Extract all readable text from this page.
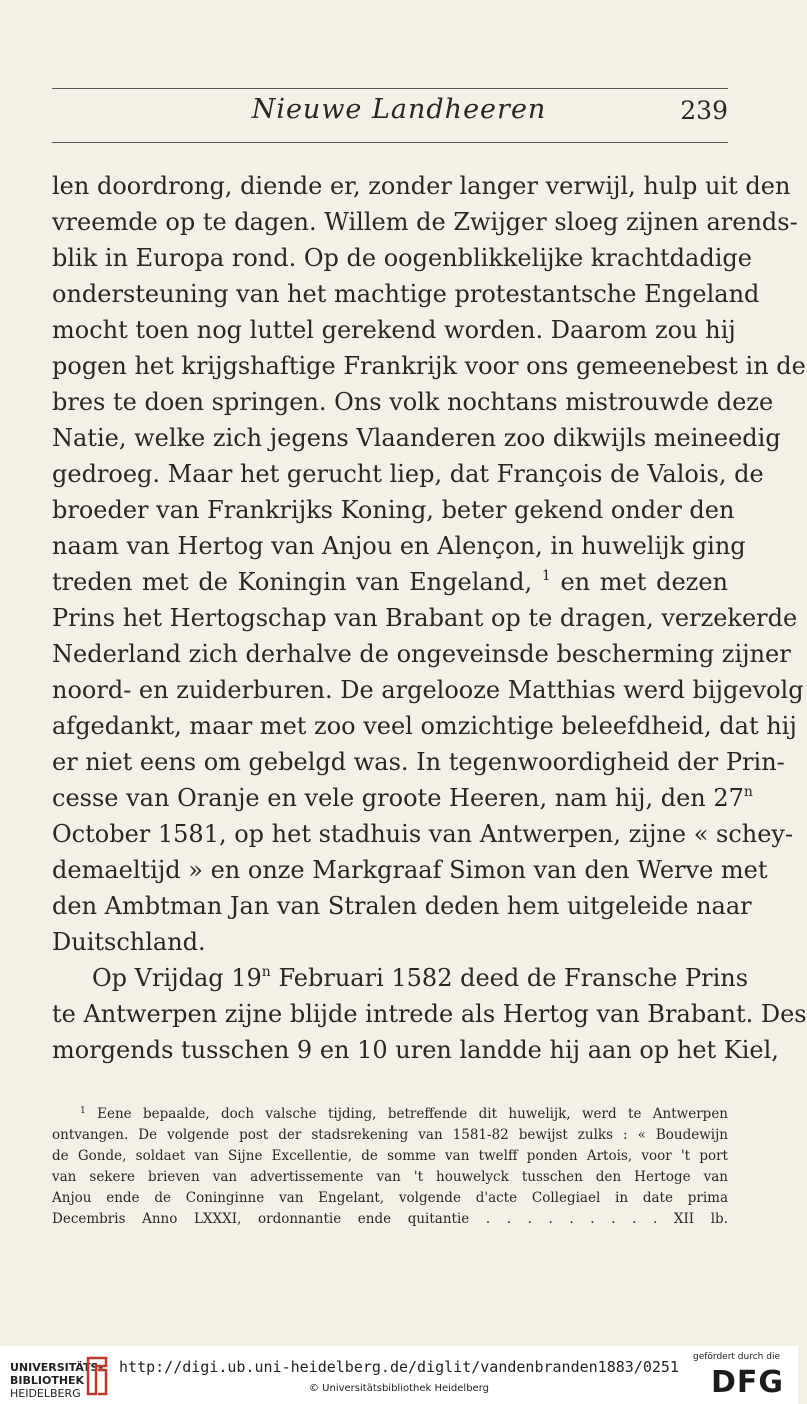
Nieuwe Landheeren	239
len doordrong, diende er, zonder langer verwijl, hulp uit den
vreemde op te dagen. Willem de Zwijger sloeg zijnen arends-
blik in Europa rond. Op de oogenblikkelijke krachtdadige
ondersteuning van het machtige protestantsche Engeland
mocht toen nog luttel gerekend worden. Daarom zou hij
pogen het krijgshaftige Frankrijk voor ons gemeenebest in de
bres te doen springen. Ons volk nochtans mistrouwde deze
Natie, welke zich jegens Vlaanderen zoo dikwijls meineedig
gedroeg. Maar het gerucht liep, dat François de Valois, de
broeder van Frankrijks Koning, beter gekend onder den
naam van Hertog van Anjou en Alençon, in huwelijk ging
treden met de Koningin van Engeland, $^1$ en met dezen
Prins het Hertogschap van Brabant op te dragen, verzekerde
Nederland zich derhalve de ongeveinsde bescherming zijner
noord- en zuiderburen. De argelooze Matthias werd bijgevolg
afgedankt, maar met zoo veel omzichtige beleefdheid, dat hij
er niet eens om gebelgd was. In tegenwoordigheid der Prin-
cesse van Oranje en vele groote Heeren, nam hij, den 27$^n$
October 1581, op het stadhuis van Antwerpen, zijne « schey-
demaeltijd » en onze Markgraaf Simon van den Werve met
den Ambtman Jan van Stralen deden hem uitgeleide naar
Duitschland.
Op Vrijdag 19$^n$ Februari 1582 deed de Fransche Prins
te Antwerpen zijne blijde intrede als Hertog van Brabant. Des
morgends tusschen 9 en 10 uren landde hij aan op het Kiel,
$^1$ Eene bepaalde, doch valsche tijding, betreffende dit huwelijk, werd te Antwerpen
ontvangen. De volgende post der stadsrekening van 1581-82 bewijst zulks : « Boudewijn
de Gonde, soldaet van Sijne Excellentie, de somme van twelff ponden Artois, voor 't port
van sekere brieven van advertissemente van 't houwelyck tusschen den Hertoge van
Anjou ende de Coninginne van Engelant, volgende d'acte Collegiael in date prima
Decembris Anno LXXXI, ordonnantie ende quitantie . . . . . . . . . XII lb.
UNIVERSITÄTS-
BIBLIOTHEK
HEIDELBERG
http://digi.ub.uni-heidelberg.de/diglit/vandenbranden1883/0251
© Universitätsbibliothek Heidelberg
gefördert durch die
DFG
